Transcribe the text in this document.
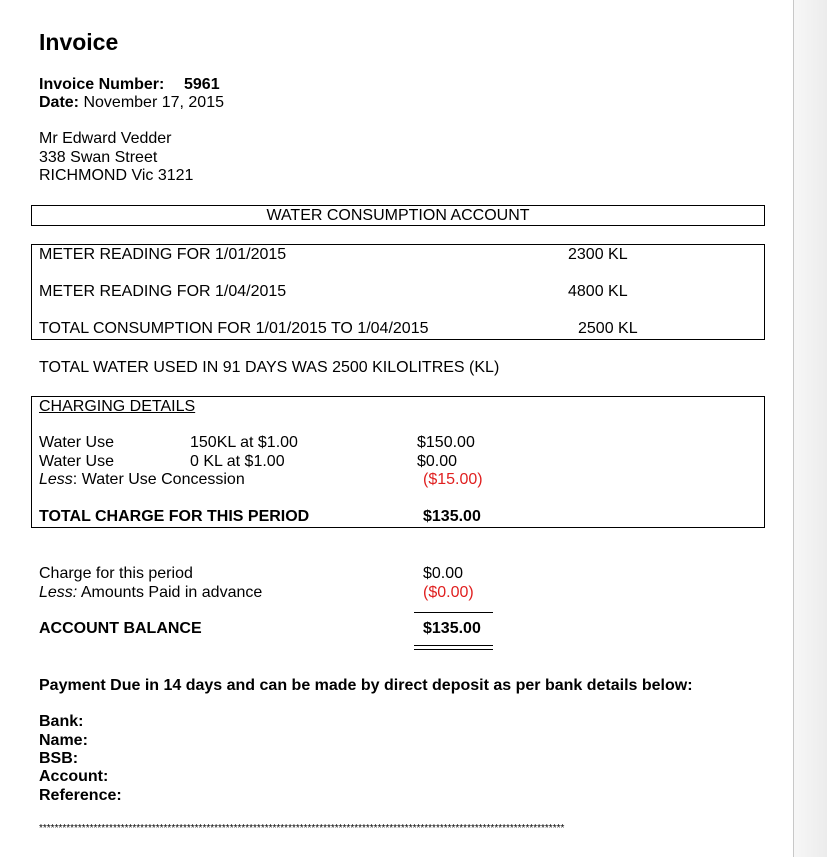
Invoice
Invoice Number: 5961
Date: November 17, 2015
Mr Edward Vedder
338 Swan Street
RICHMOND Vic 3121
WATER CONSUMPTION ACCOUNT
METER READING FOR 1/01/2015	2300 KL
METER READING FOR 1/04/2015	4800 KL
TOTAL CONSUMPTION FOR 1/01/2015 TO 1/04/2015	2500 KL
TOTAL WATER USED IN 91 DAYS WAS 2500 KILOLITRES (KL)
CHARGING DETAILS
Water Use	150KL at $1.00	$150.00
Water Use	0 KL at $1.00	$0.00
Less: Water Use Concession	($15.00)
TOTAL CHARGE FOR THIS PERIOD	$135.00
Charge for this period	$0.00
Less: Amounts Paid in advance	($0.00)
ACCOUNT BALANCE	$135.00
Payment Due in 14 days and can be made by direct deposit as per bank details below:
Bank:
Name:
BSB:
Account:
Reference:
***************************************************************************************************************************************
